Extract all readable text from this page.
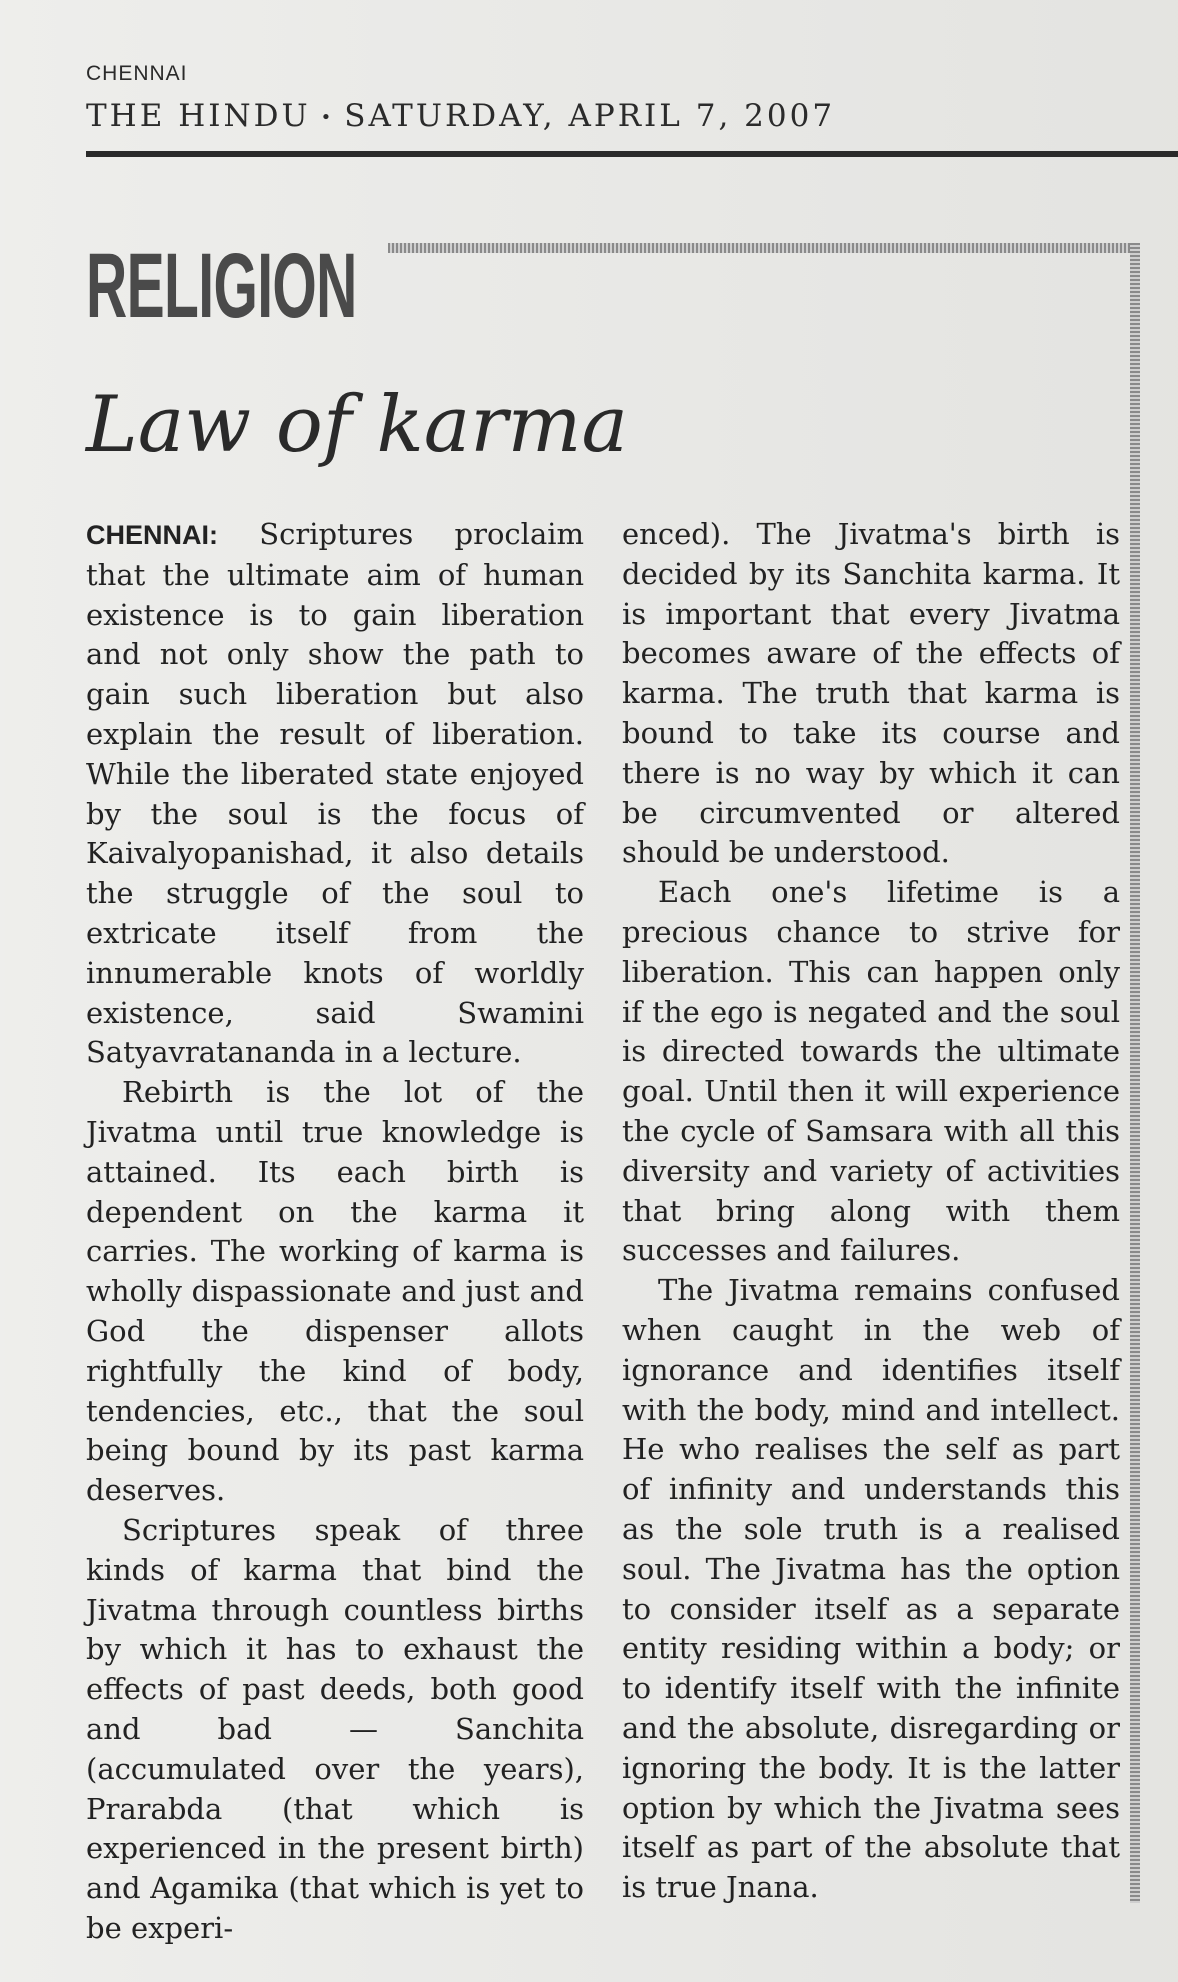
CHENNAI
THE HINDU • SATURDAY, APRIL 7, 2007
RELIGION
Law of karma

CHENNAI: Scriptures proclaim that the ultimate aim of human existence is to gain liberation and not only show the path to gain such liberation but also explain the result of liberation. While the liberated state enjoyed by the soul is the focus of Kaivalyopanishad, it also details the struggle of the soul to extricate itself from the innumerable knots of worldly existence, said Swamini Satyavratananda in a lecture.

Rebirth is the lot of the Jivatma until true knowledge is attained. Its each birth is dependent on the karma it carries. The working of karma is wholly dispassionate and just and God the dispenser allots rightfully the kind of body, tendencies, etc., that the soul being bound by its past karma deserves.

Scriptures speak of three kinds of karma that bind the Jivatma through countless births by which it has to exhaust the effects of past deeds, both good and bad — Sanchita (accumulated over the years), Prarabda (that which is experienced in the present birth) and Agamika (that which is yet to be experi-

enced). The Jivatma's birth is decided by its Sanchita karma. It is important that every Jivatma becomes aware of the effects of karma. The truth that karma is bound to take its course and there is no way by which it can be circumvented or altered should be understood.

Each one's lifetime is a precious chance to strive for liberation. This can happen only if the ego is negated and the soul is directed towards the ultimate goal. Until then it will experience the cycle of Samsara with all this diversity and variety of activities that bring along with them successes and failures.

The Jivatma remains confused when caught in the web of ignorance and identifies itself with the body, mind and intellect. He who realises the self as part of infinity and understands this as the sole truth is a realised soul. The Jivatma has the option to consider itself as a separate entity residing within a body; or to identify itself with the infinite and the absolute, disregarding or ignoring the body. It is the latter option by which the Jivatma sees itself as part of the absolute that is true Jnana.
